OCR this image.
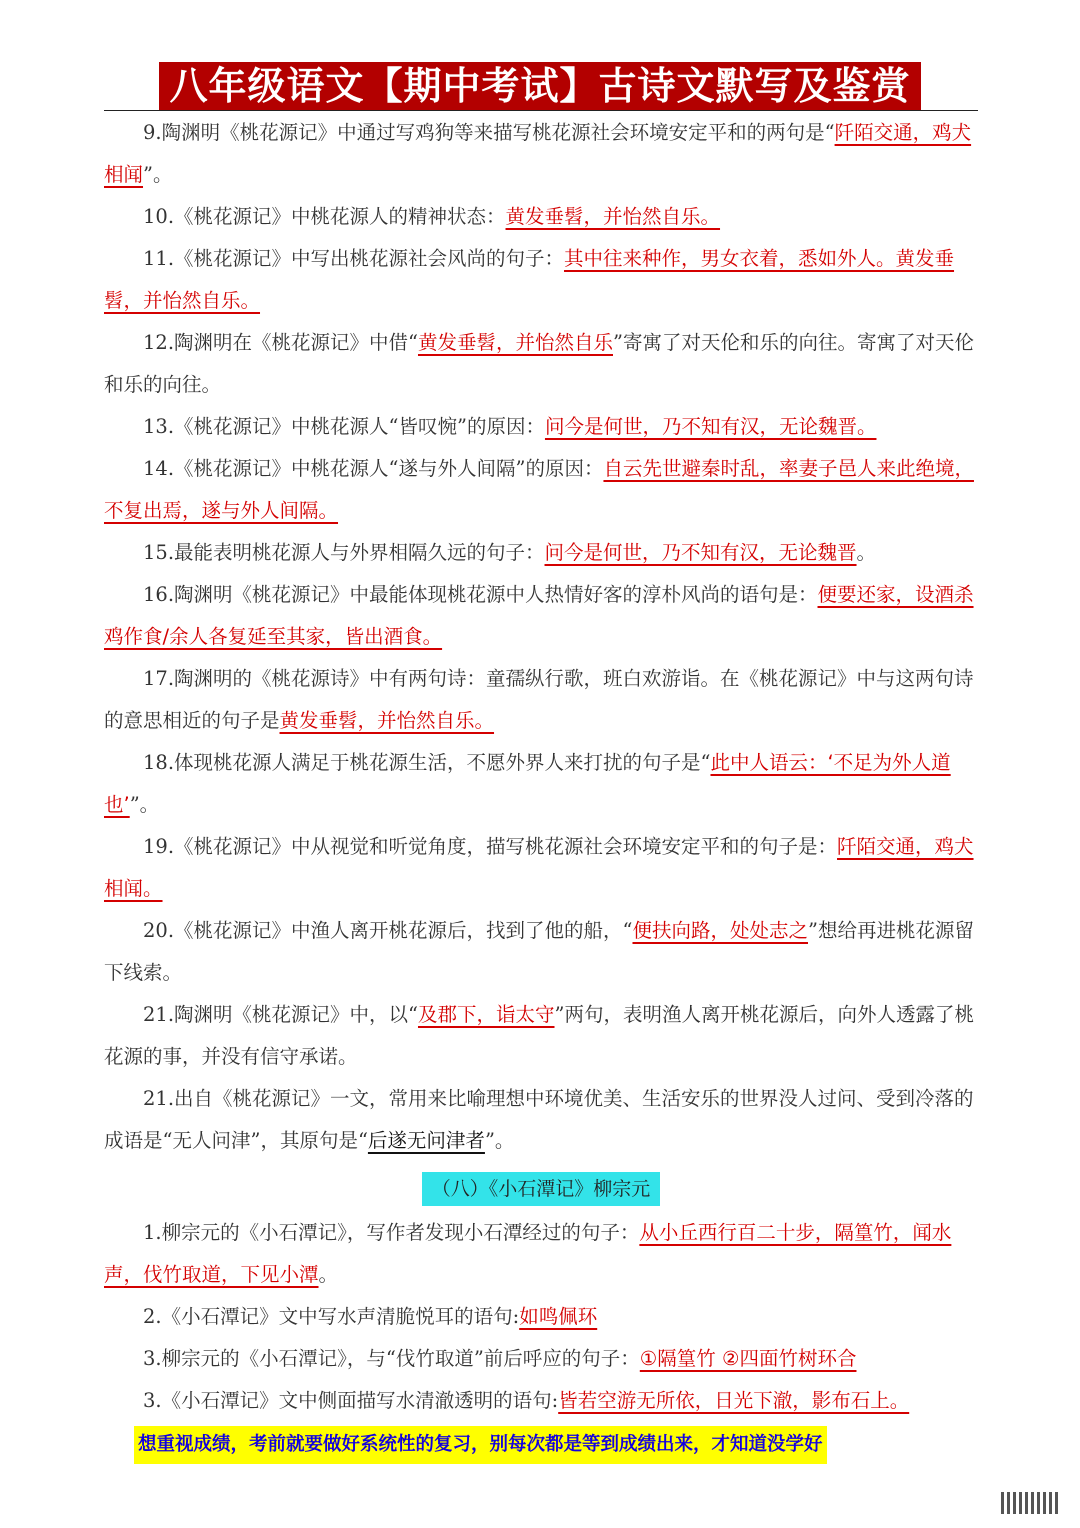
八年级语文【期中考试】古诗文默写及鉴赏

9.陶渊明《桃花源记》中通过写鸡狗等来描写桃花源社会环境安定平和的两句是“阡陌交通，鸡犬相闻”。

10.《桃花源记》中桃花源人的精神状态：黄发垂髫，并怡然自乐。

11.《桃花源记》中写出桃花源社会风尚的句子：其中往来种作，男女衣着，悉如外人。黄发垂髫，并怡然自乐。

12.陶渊明在《桃花源记》中借“黄发垂髫，并怡然自乐”寄寓了对天伦和乐的向往。寄寓了对天伦和乐的向往。

13.《桃花源记》中桃花源人“皆叹惋”的原因：问今是何世，乃不知有汉，无论魏晋。

14.《桃花源记》中桃花源人“遂与外人间隔”的原因：自云先世避秦时乱，率妻子邑人来此绝境，不复出焉，遂与外人间隔。

15.最能表明桃花源人与外界相隔久远的句子：问今是何世，乃不知有汉，无论魏晋。

16.陶渊明《桃花源记》中最能体现桃花源中人热情好客的淳朴风尚的语句是：便要还家，设酒杀鸡作食/余人各复延至其家，皆出酒食。

17.陶渊明的《桃花源诗》中有两句诗：童孺纵行歌，班白欢游诣。在《桃花源记》中与这两句诗的意思相近的句子是黄发垂髫，并怡然自乐。

18.体现桃花源人满足于桃花源生活，不愿外界人来打扰的句子是“此中人语云：‘不足为外人道也’”。

19.《桃花源记》中从视觉和听觉角度，描写桃花源社会环境安定平和的句子是：阡陌交通，鸡犬相闻。

20.《桃花源记》中渔人离开桃花源后，找到了他的船，“便扶向路，处处志之”想给再进桃花源留下线索。

21.陶渊明《桃花源记》中，以“及郡下，诣太守”两句，表明渔人离开桃花源后，向外人透露了桃花源的事，并没有信守承诺。

21.出自《桃花源记》一文，常用来比喻理想中环境优美、生活安乐的世界没人过问、受到冷落的成语是“无人问津”，其原句是“后遂无问津者”。

（八）《小石潭记》柳宗元

1.柳宗元的《小石潭记》，写作者发现小石潭经过的句子：从小丘西行百二十步，隔篁竹，闻水声，伐竹取道，下见小潭。

2.《小石潭记》文中写水声清脆悦耳的语句:如鸣佩环

3.柳宗元的《小石潭记》，与“伐竹取道”前后呼应的句子：①隔篁竹 ②四面竹树环合

3.《小石潭记》文中侧面描写水清澈透明的语句:皆若空游无所依，日光下澈，影布石上。

想重视成绩，考前就要做好系统性的复习，别每次都是等到成绩出来，才知道没学好
